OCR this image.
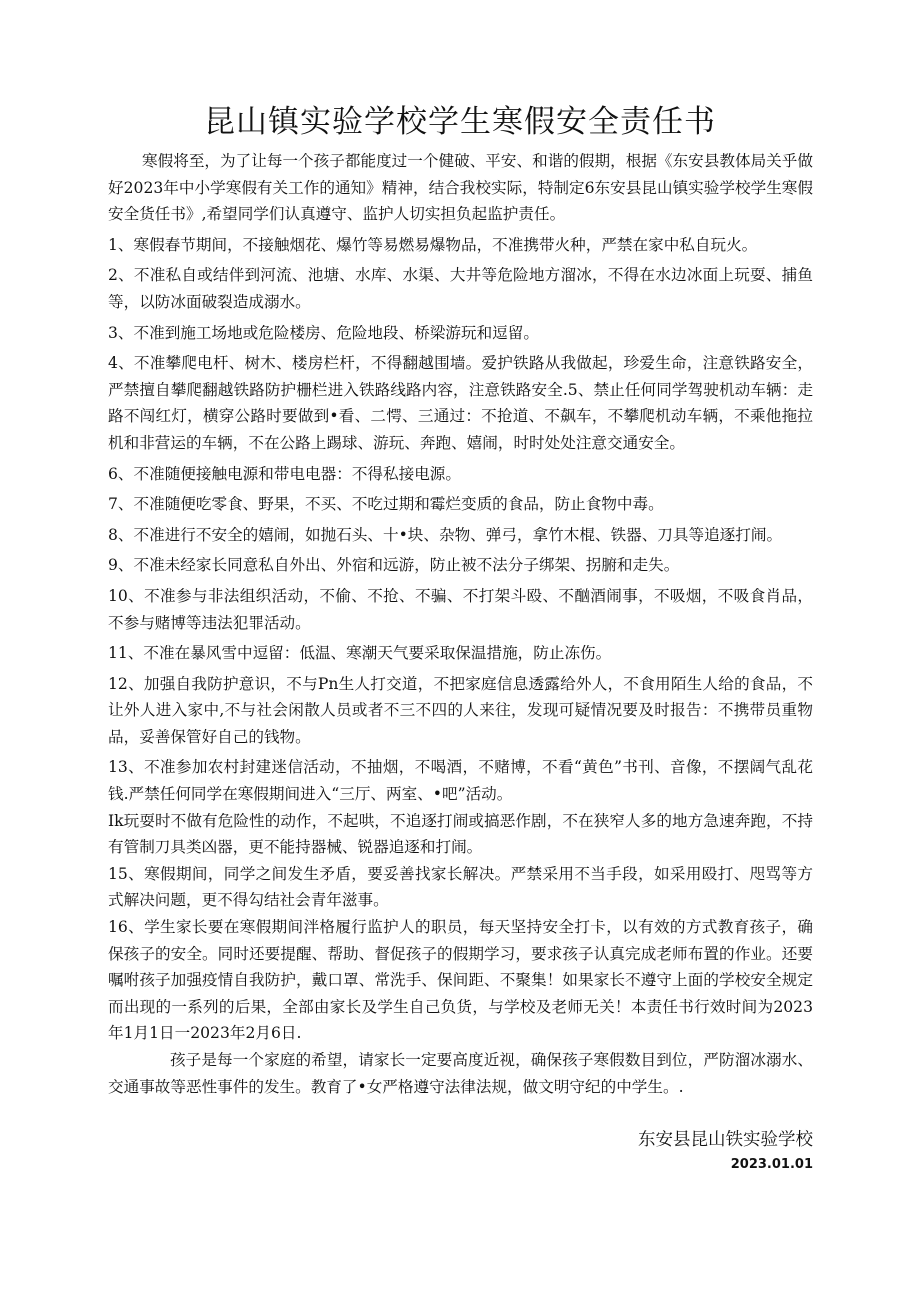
昆山镇实验学校学生寒假安全责任书

寒假将至，为了让每一个孩子都能度过一个健破、平安、和谐的假期，根据《东安县教体局关乎做好2023年中小学寒假有关工作的通知》精神，结合我校实际，特制定6东安县昆山镇实验学校学生寒假安全货任书》,希望同学们认真遵守、监护人切实担负起监护责任。

1、寒假春节期间，不接触烟花、爆竹等易燃易爆物品，不准携带火种，严禁在家中私自玩火。

2、不准私自或结伴到河流、池塘、水库、水渠、大井等危险地方溜冰，不得在水边冰面上玩耍、捕鱼等，以防冰面破裂造成溺水。

3、不准到施工场地或危险楼房、危险地段、桥梁游玩和逗留。

4、不准攀爬电杆、树木、楼房栏杆，不得翻越围墙。爱护铁路从我做起，珍爱生命，注意铁路安全，严禁擅自攀爬翻越铁路防护栅栏进入铁路线路内容，注意铁路安全.5、禁止任何同学驾驶机动车辆：走路不闯红灯，横穿公路时要做到•看、二愕、三通过：不抢道、不飙车，不攀爬机动车辆，不乘他拖拉机和非营运的车辆，不在公路上踢球、游玩、奔跑、嬉闹，时时处处注意交通安全。

6、不准随便接触电源和带电电器：不得私接电源。

7、不准随便吃零食、野果，不买、不吃过期和霉烂变质的食品，防止食物中毒。

8、不准进行不安全的嬉闹，如抛石头、十•块、杂物、弹弓，拿竹木棍、铁器、刀具等追逐打闹。

9、不准未经家长同意私自外出、外宿和远游，防止被不法分子绑架、拐腑和走失。

10、不准参与非法组织活动，不偷、不抢、不骗、不打架斗殴、不酗酒闹事，不吸烟，不吸食肖品，不参与赌博等违法犯罪活动。

11、不准在暴风雪中逗留：低温、寒潮天气要采取保温措施，防止冻伤。

12、加强自我防护意识，不与Pn生人打交道，不把家庭信息透露给外人，不食用陌生人给的食品，不让外人进入家中,不与社会闲散人员或者不三不四的人来往，发现可疑情况要及时报告：不携带员重物品，妥善保管好自己的钱物。

13、不准参加农村封建迷信活动，不抽烟，不喝酒，不赌博，不看“黄色”书刊、音像，不摆阔气乱花钱.严禁任何同学在寒假期间进入“三厅、两室、•吧”活动。

Ik玩耍时不做有危险性的动作，不起哄，不追逐打闹或搞恶作剧，不在狭窄人多的地方急速奔跑，不持有管制刀具类凶器，更不能持器械、锐器追逐和打闹。

15、寒假期间，同学之间发生矛盾，要妥善找家长解决。严禁采用不当手段，如采用殴打、咫骂等方式解决问题，更不得勾结社会青年滋事。

16、学生家长要在寒假期间泮格履行监护人的职员，每天坚持安全打卡，以有效的方式教育孩子，确保孩子的安全。同时还要提醒、帮助、督促孩子的假期学习，要求孩子认真完成老师布置的作业。还要嘱咐孩子加强疫情自我防护，戴口罩、常洗手、保间距、不聚集！如果家长不遵守上面的学校安全规定而出现的一系列的后果，全部由家长及学生自己负货，与学校及老师无关！本责任书行效时间为2023年1月1日一2023年2月6日.

孩子是每一个家庭的希望，请家长一定要高度近视，确保孩子寒假数目到位，严防溜冰溺水、交通事故等恶性事件的发生。教育了•女严格遵守法律法规，做文明守纪的中学生。.

东安县昆山铁实验学校
2023.01.01
